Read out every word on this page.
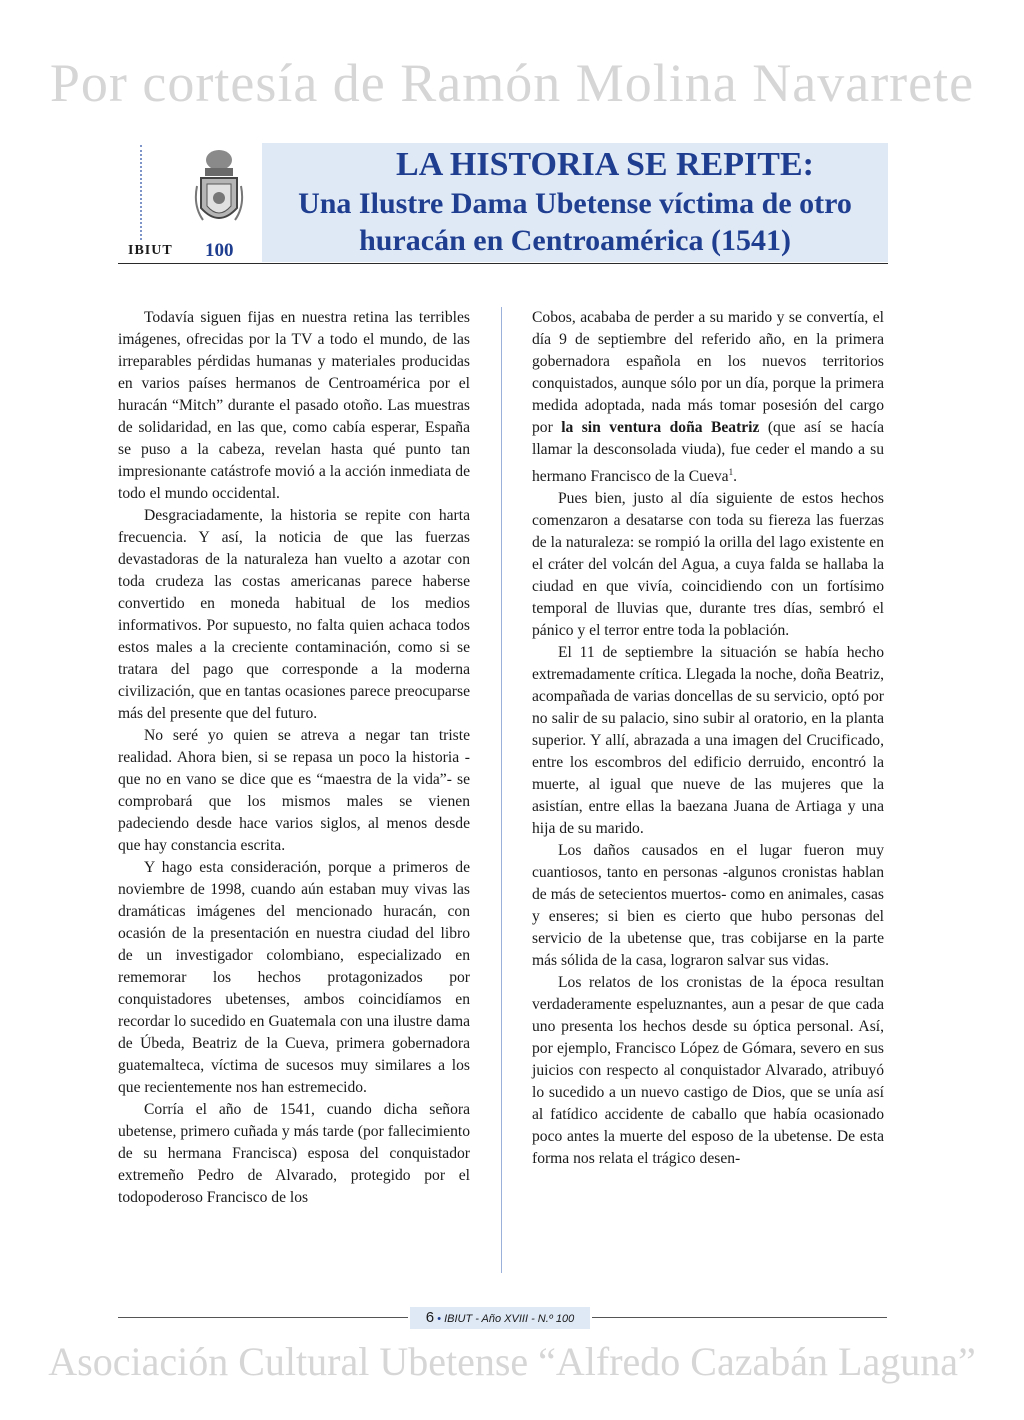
Por cortesía de Ramón Molina Navarrete
LA HISTORIA SE REPITE:
Una Ilustre Dama Ubetense víctima de otro
huracán en Centroamérica (1541)
IBIUT 100

Todavía siguen fijas en nuestra retina las terribles imágenes, ofrecidas por la TV a todo el mundo, de las irreparables pérdidas humanas y materiales producidas en varios países hermanos de Centroamérica por el huracán “Mitch” durante el pasado otoño. Las muestras de solidaridad, en las que, como cabía esperar, España se puso a la cabeza, revelan hasta qué punto tan impresionante catástrofe movió a la acción inmediata de todo el mundo occidental.

Desgraciadamente, la historia se repite con harta frecuencia. Y así, la noticia de que las fuerzas devastadoras de la naturaleza han vuelto a azotar con toda crudeza las costas americanas parece haberse convertido en moneda habitual de los medios informativos. Por supuesto, no falta quien achaca todos estos males a la creciente contaminación, como si se tratara del pago que corresponde a la moderna civilización, que en tantas ocasiones parece preocuparse más del presente que del futuro.

No seré yo quien se atreva a negar tan triste realidad. Ahora bien, si se repasa un poco la historia -que no en vano se dice que es “maestra de la vida”- se comprobará que los mismos males se vienen padeciendo desde hace varios siglos, al menos desde que hay constancia escrita.

Y hago esta consideración, porque a primeros de noviembre de 1998, cuando aún estaban muy vivas las dramáticas imágenes del mencionado huracán, con ocasión de la presentación en nuestra ciudad del libro de un investigador colombiano, especializado en rememorar los hechos protagonizados por conquistadores ubetenses, ambos coincidíamos en recordar lo sucedido en Guatemala con una ilustre dama de Úbeda, Beatriz de la Cueva, primera gobernadora guatemalteca, víctima de sucesos muy similares a los que recientemente nos han estremecido.

Corría el año de 1541, cuando dicha señora ubetense, primero cuñada y más tarde (por fallecimiento de su hermana Francisca) esposa del conquistador extremeño Pedro de Alvarado, protegido por el todopoderoso Francisco de los

Cobos, acababa de perder a su marido y se convertía, el día 9 de septiembre del referido año, en la primera gobernadora española en los nuevos territorios conquistados, aunque sólo por un día, porque la primera medida adoptada, nada más tomar posesión del cargo por la sin ventura doña Beatriz (que así se hacía llamar la desconsolada viuda), fue ceder el mando a su hermano Francisco de la Cueva$^1$.

Pues bien, justo al día siguiente de estos hechos comenzaron a desatarse con toda su fiereza las fuerzas de la naturaleza: se rompió la orilla del lago existente en el cráter del volcán del Agua, a cuya falda se hallaba la ciudad en que vivía, coincidiendo con un fortísimo temporal de lluvias que, durante tres días, sembró el pánico y el terror entre toda la población.

El 11 de septiembre la situación se había hecho extremadamente crítica. Llegada la noche, doña Beatriz, acompañada de varias doncellas de su servicio, optó por no salir de su palacio, sino subir al oratorio, en la planta superior. Y allí, abrazada a una imagen del Crucificado, entre los escombros del edificio derruido, encontró la muerte, al igual que nueve de las mujeres que la asistían, entre ellas la baezana Juana de Artiaga y una hija de su marido.

Los daños causados en el lugar fueron muy cuantiosos, tanto en personas -algunos cronistas hablan de más de setecientos muertos- como en animales, casas y enseres; si bien es cierto que hubo personas del servicio de la ubetense que, tras cobijarse en la parte más sólida de la casa, lograron salvar sus vidas.

Los relatos de los cronistas de la época resultan verdaderamente espeluznantes, aun a pesar de que cada uno presenta los hechos desde su óptica personal. Así, por ejemplo, Francisco López de Gómara, severo en sus juicios con respecto al conquistador Alvarado, atribuyó lo sucedido a un nuevo castigo de Dios, que se unía así al fatídico accidente de caballo que había ocasionado poco antes la muerte del esposo de la ubetense. De esta forma nos relata el trágico desen-

6 • IBIUT - Año XVIII - N.º 100
Asociación Cultural Ubetense “Alfredo Cazabán Laguna”
